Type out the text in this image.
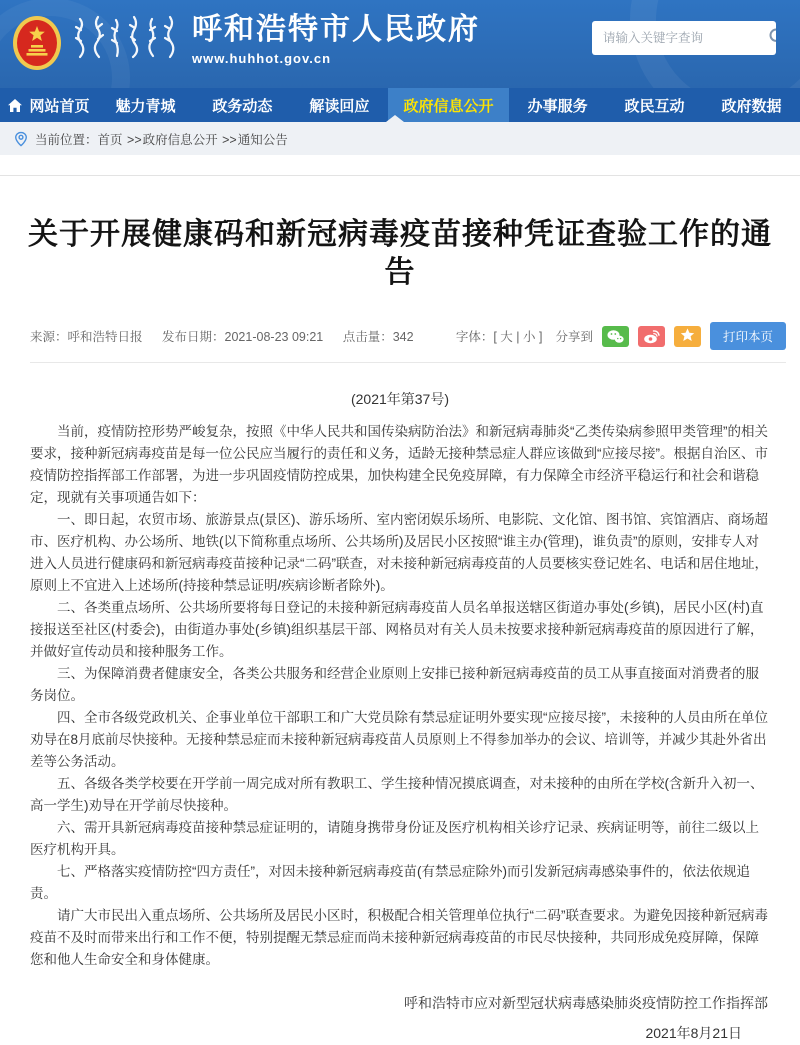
呼和浩特市人民政府
www.huhhot.gov.cn
请输入关键字查询
网站首页 魅力青城 政务动态 解读回应 政府信息公开 办事服务 政民互动 政府数据
当前位置： 首页 >>政府信息公开 >>通知公告
关于开展健康码和新冠病毒疫苗接种凭证查验工作的通告
来源：呼和浩特日报 发布日期：2021-08-23 09:21 点击量：342	字体：[ 大 | 小 ] 分享到	打印本页
(2021年第37号)

当前，疫情防控形势严峻复杂，按照《中华人民共和国传染病防治法》和新冠病毒肺炎“乙类传染病参照甲类管理”的相关要求，接种新冠病毒疫苗是每一位公民应当履行的责任和义务，适龄无接种禁忌症人群应该做到“应接尽接”。根据自治区、市疫情防控指挥部工作部署，为进一步巩固疫情防控成果，加快构建全民免疫屏障，有力保障全市经济平稳运行和社会和谐稳定，现就有关事项通告如下：

一、即日起，农贸市场、旅游景点(景区)、游乐场所、室内密闭娱乐场所、电影院、文化馆、图书馆、宾馆酒店、商场超市、医疗机构、办公场所、地铁(以下简称重点场所、公共场所)及居民小区按照“谁主办(管理)，谁负责”的原则，安排专人对进入人员进行健康码和新冠病毒疫苗接种记录“二码”联查，对未接种新冠病毒疫苗的人员要核实登记姓名、电话和居住地址，原则上不宜进入上述场所(持接种禁忌证明/疾病诊断者除外)。

二、各类重点场所、公共场所要将每日登记的未接种新冠病毒疫苗人员名单报送辖区街道办事处(乡镇)，居民小区(村)直接报送至社区(村委会)，由街道办事处(乡镇)组织基层干部、网格员对有关人员未按要求接种新冠病毒疫苗的原因进行了解，并做好宣传动员和接种服务工作。

三、为保障消费者健康安全，各类公共服务和经营企业原则上安排已接种新冠病毒疫苗的员工从事直接面对消费者的服务岗位。

四、全市各级党政机关、企事业单位干部职工和广大党员除有禁忌症证明外要实现“应接尽接”，未接种的人员由所在单位劝导在8月底前尽快接种。无接种禁忌症而未接种新冠病毒疫苗人员原则上不得参加举办的会议、培训等，并减少其赴外省出差等公务活动。

五、各级各类学校要在开学前一周完成对所有教职工、学生接种情况摸底调查，对未接种的由所在学校(含新升入初一、高一学生)劝导在开学前尽快接种。

六、需开具新冠病毒疫苗接种禁忌症证明的，请随身携带身份证及医疗机构相关诊疗记录、疾病证明等，前往二级以上医疗机构开具。

七、严格落实疫情防控“四方责任”，对因未接种新冠病毒疫苗(有禁忌症除外)而引发新冠病毒感染事件的，依法依规追责。

请广大市民出入重点场所、公共场所及居民小区时，积极配合相关管理单位执行“二码”联查要求。为避免因接种新冠病毒疫苗不及时而带来出行和工作不便，特别提醒无禁忌症而尚未接种新冠病毒疫苗的市民尽快接种，共同形成免疫屏障，保障您和他人生命安全和身体健康。

呼和浩特市应对新型冠状病毒感染肺炎疫情防控工作指挥部
2021年8月21日
